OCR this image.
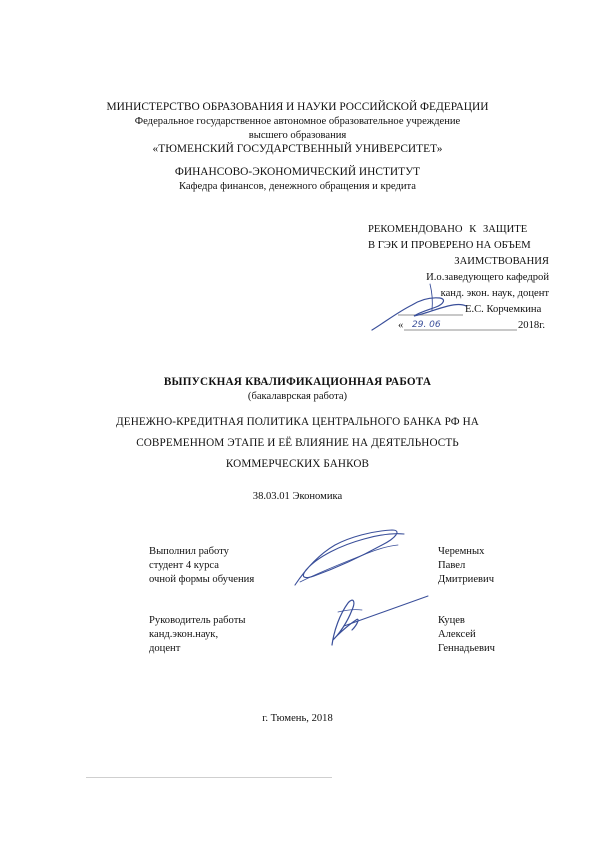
МИНИСТЕРСТВО ОБРАЗОВАНИЯ И НАУКИ РОССИЙСКОЙ ФЕДЕРАЦИИ
Федеральное государственное автономное образовательное учреждение
высшего образования
«ТЮМЕНСКИЙ ГОСУДАРСТВЕННЫЙ УНИВЕРСИТЕТ»
ФИНАНСОВО-ЭКОНОМИЧЕСКИЙ ИНСТИТУТ
Кафедра финансов, денежного обращения и кредита
РЕКОМЕНДОВАНО К ЗАЩИТЕ
В ГЭК И ПРОВЕРЕНО НА ОБЪЕМ
ЗАИМСТВОВАНИЯ
И.о.заведующего кафедрой
канд. экон. наук, доцент
Е.С. Корчемкина
«	2018г.
ВЫПУСКНАЯ КВАЛИФИКАЦИОННАЯ РАБОТА
(бакалаврская работа)
ДЕНЕЖНО-КРЕДИТНАЯ ПОЛИТИКА ЦЕНТРАЛЬНОГО БАНКА РФ НА
СОВРЕМЕННОМ ЭТАПЕ И ЕЁ ВЛИЯНИЕ НА ДЕЯТЕЛЬНОСТЬ
КОММЕРЧЕСКИХ БАНКОВ
38.03.01 Экономика
Выполнил работу
студент 4 курса
очной формы обучения
Черемных
Павел
Дмитриевич
Руководитель работы
канд.экон.наук,
доцент
Куцев
Алексей
Геннадьевич
г. Тюмень, 2018
29. 06
